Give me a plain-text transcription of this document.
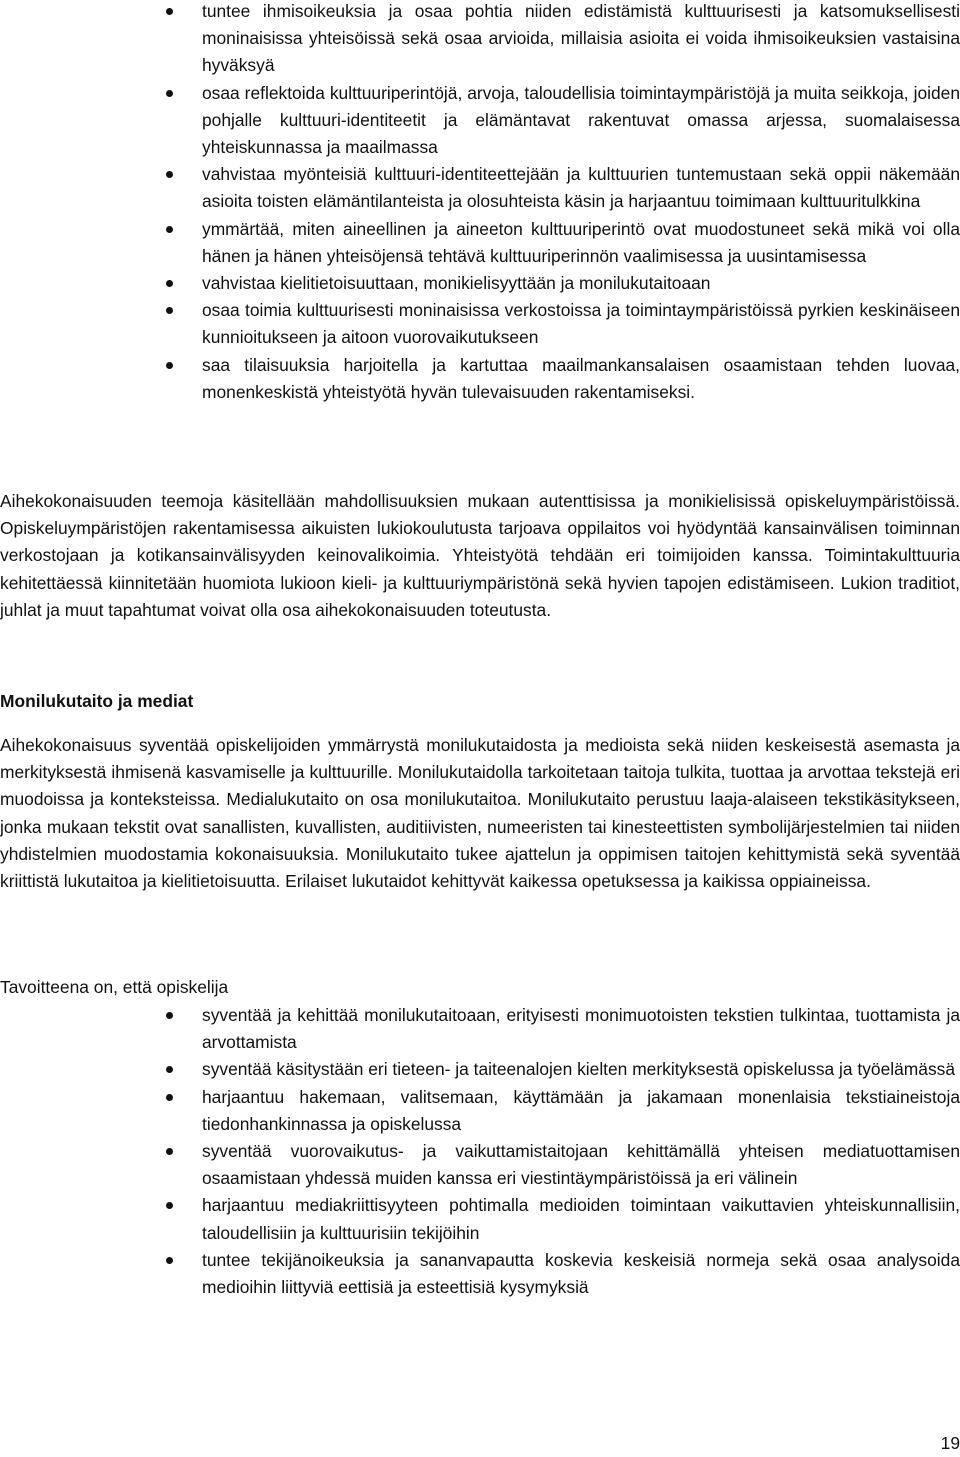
tuntee ihmisoikeuksia ja osaa pohtia niiden edistämistä kulttuurisesti ja katsomuksellisesti moninaisissa yhteisöissä sekä osaa arvioida, millaisia asioita ei voida ihmisoikeuksien vastaisina hyväksyä
osaa reflektoida kulttuuriperintöjä, arvoja, taloudellisia toimintaympäristöjä ja muita seikkoja, joiden pohjalle kulttuuri-identiteetit ja elämäntavat rakentuvat omassa arjessa, suomalaisessa yhteiskunnassa ja maailmassa
vahvistaa myönteisiä kulttuuri-identiteettejään ja kulttuurien tuntemustaan sekä oppii näkemään asioita toisten elämäntilanteista ja olosuhteista käsin ja harjaantuu toimimaan kulttuuritulkkina
ymmärtää, miten aineellinen ja aineeton kulttuuriperintö ovat muodostuneet sekä mikä voi olla hänen ja hänen yhteisöjensä tehtävä kulttuuriperinnön vaalimisessa ja uusintamisessa
vahvistaa kielitietoisuuttaan, monikielisyyttään ja monilukutaitoaan
osaa toimia kulttuurisesti moninaisissa verkostoissa ja toimintaympäristöissä pyrkien keskinäiseen kunnioitukseen ja aitoon vuorovaikutukseen
saa tilaisuuksia harjoitella ja kartuttaa maailmankansalaisen osaamistaan tehden luovaa, monenkeskistä yhteistyötä hyvän tulevaisuuden rakentamiseksi.

Aihekokonaisuuden teemoja käsitellään mahdollisuuksien mukaan autenttisissa ja monikielisissä opiskeluympäristöissä. Opiskeluympäristöjen rakentamisessa aikuisten lukiokoulutusta tarjoava oppilaitos voi hyödyntää kansainvälisen toiminnan verkostojaan ja kotikansainvälisyyden keinovalikoimia. Yhteistyötä tehdään eri toimijoiden kanssa. Toimintakulttuuria kehitettäessä kiinnitetään huomiota lukioon kieli- ja kulttuuriympäristönä sekä hyvien tapojen edistämiseen. Lukion traditiot, juhlat ja muut tapahtumat voivat olla osa aihekokonaisuuden toteutusta.

Monilukutaito ja mediat

Aihekokonaisuus syventää opiskelijoiden ymmärrystä monilukutaidosta ja medioista sekä niiden keskeisestä asemasta ja merkityksestä ihmisenä kasvamiselle ja kulttuurille. Monilukutaidolla tarkoitetaan taitoja tulkita, tuottaa ja arvottaa tekstejä eri muodoissa ja konteksteissa. Medialukutaito on osa monilukutaitoa. Monilukutaito perustuu laaja-alaiseen tekstikäsitykseen, jonka mukaan tekstit ovat sanallisten, kuvallisten, auditiivisten, numeeristen tai kinesteettisten symbolijärjestelmien tai niiden yhdistelmien muodostamia kokonaisuuksia. Monilukutaito tukee ajattelun ja oppimisen taitojen kehittymistä sekä syventää kriittistä lukutaitoa ja kielitietoisuutta. Erilaiset lukutaidot kehittyvät kaikessa opetuksessa ja kaikissa oppiaineissa.

Tavoitteena on, että opiskelija

syventää ja kehittää monilukutaitoaan, erityisesti monimuotoisten tekstien tulkintaa, tuottamista ja arvottamista
syventää käsitystään eri tieteen- ja taiteenalojen kielten merkityksestä opiskelussa ja työelämässä
harjaantuu hakemaan, valitsemaan, käyttämään ja jakamaan monenlaisia tekstiaineistoja tiedonhankinnassa ja opiskelussa
syventää vuorovaikutus- ja vaikuttamistaitojaan kehittämällä yhteisen mediatuottamisen osaamistaan yhdessä muiden kanssa eri viestintäympäristöissä ja eri välinein
harjaantuu mediakriittisyyteen pohtimalla medioiden toimintaan vaikuttavien yhteiskunnallisiin, taloudellisiin ja kulttuurisiin tekijöihin
tuntee tekijänoikeuksia ja sananvapautta koskevia keskeisiä normeja sekä osaa analysoida medioihin liittyviä eettisiä ja esteettisiä kysymyksiä

19
